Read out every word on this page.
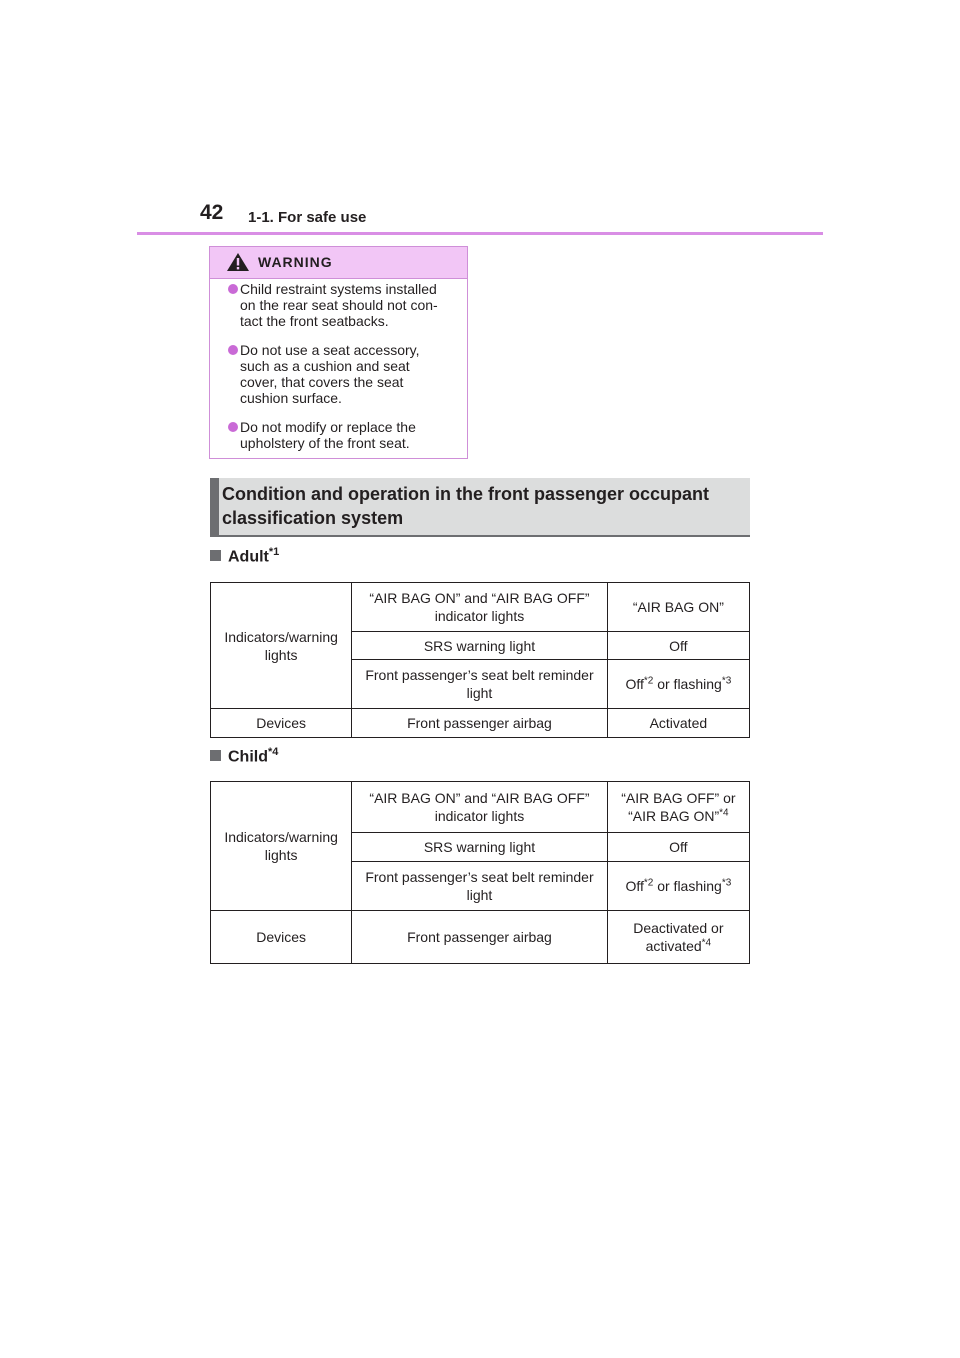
42 1-1. For safe use
WARNING
Child restraint systems installed
on the rear seat should not con-
tact the front seatbacks.
Do not use a seat accessory,
such as a cushion and seat
cover, that covers the seat
cushion surface.
Do not modify or replace the
upholstery of the front seat.
Condition and operation in the front passenger occupant classification system
Adult$^{*1}$
Indicators/warning lights	“AIR BAG ON” and “AIR BAG OFF” indicator lights	“AIR BAG ON”
	SRS warning light	Off
	Front passenger’s seat belt reminder light	Off$^{*2}$ or flashing$^{*3}$
Devices	Front passenger airbag	Activated
Child$^{*4}$
Indicators/warning lights	“AIR BAG ON” and “AIR BAG OFF” indicator lights	“AIR BAG OFF” or
“AIR BAG ON”$^{*4}$
	SRS warning light	Off
	Front passenger’s seat belt reminder light	Off$^{*2}$ or flashing$^{*3}$
Devices	Front passenger airbag	Deactivated or
activated$^{*4}$
